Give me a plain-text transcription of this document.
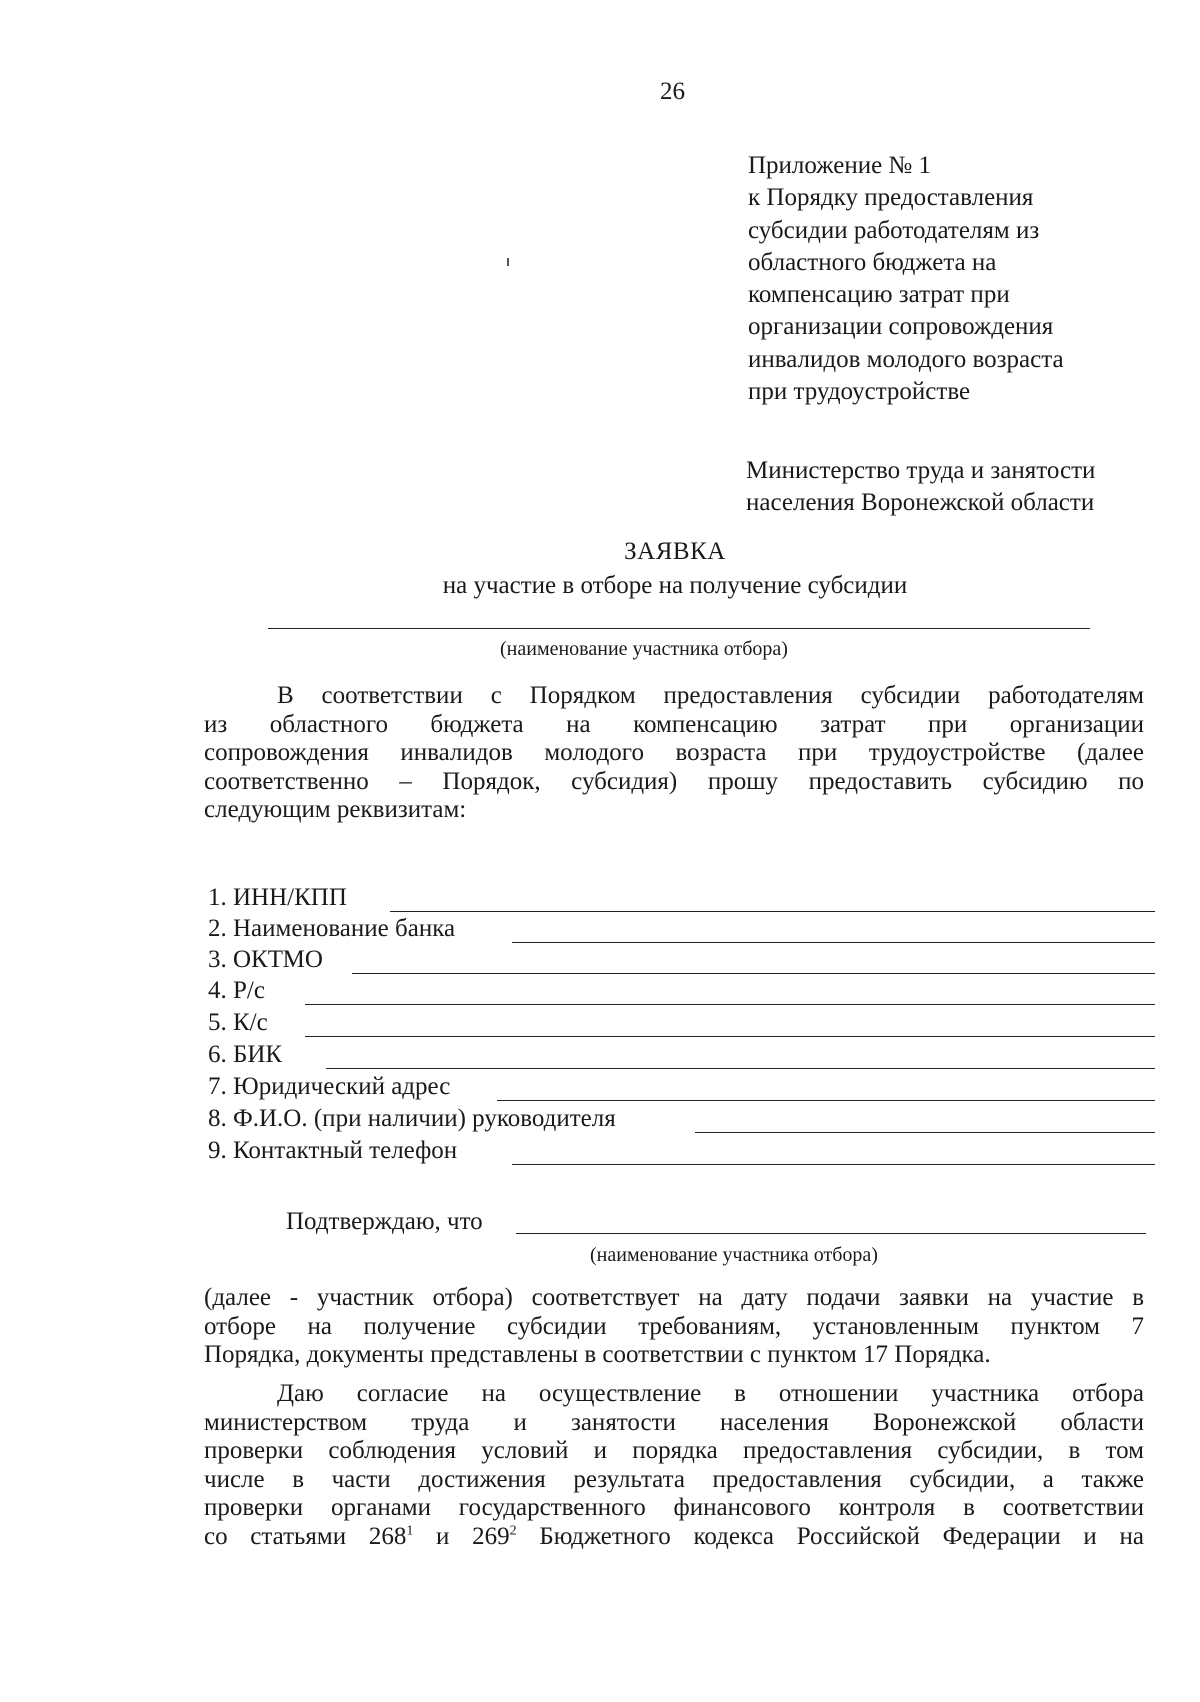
26
Приложение № 1
к Порядку предоставления
субсидии работодателям из
областного бюджета на
компенсацию затрат при
организации сопровождения
инвалидов молодого возраста
при трудоустройстве
Министерство труда и занятости
населения Воронежской области
ЗАЯВКА
на участие в отборе на получение субсидии
(наименование участника отбора)
В соответствии с Порядком предоставления субсидии работодателям
из областного бюджета на компенсацию затрат при организации
сопровождения инвалидов молодого возраста при трудоустройстве (далее
соответственно – Порядок, субсидия) прошу предоставить субсидию по
следующим реквизитам:
1. ИНН/КПП
2. Наименование банка
3. ОКТМО
4. Р/с
5. К/с
6. БИК
7. Юридический адрес
8. Ф.И.О. (при наличии) руководителя
9. Контактный телефон
Подтверждаю, что
(наименование участника отбора)
(далее - участник отбора) соответствует на дату подачи заявки на участие в
отборе на получение субсидии требованиям, установленным пунктом 7
Порядка, документы представлены в соответствии с пунктом 17 Порядка.
Даю согласие на осуществление в отношении участника отбора
министерством труда и занятости населения Воронежской области
проверки соблюдения условий и порядка предоставления субсидии, в том
числе в части достижения результата предоставления субсидии, а также
проверки органами государственного финансового контроля в соответствии
со статьями $268^1$ и $269^2$ Бюджетного кодекса Российской Федерации и на
